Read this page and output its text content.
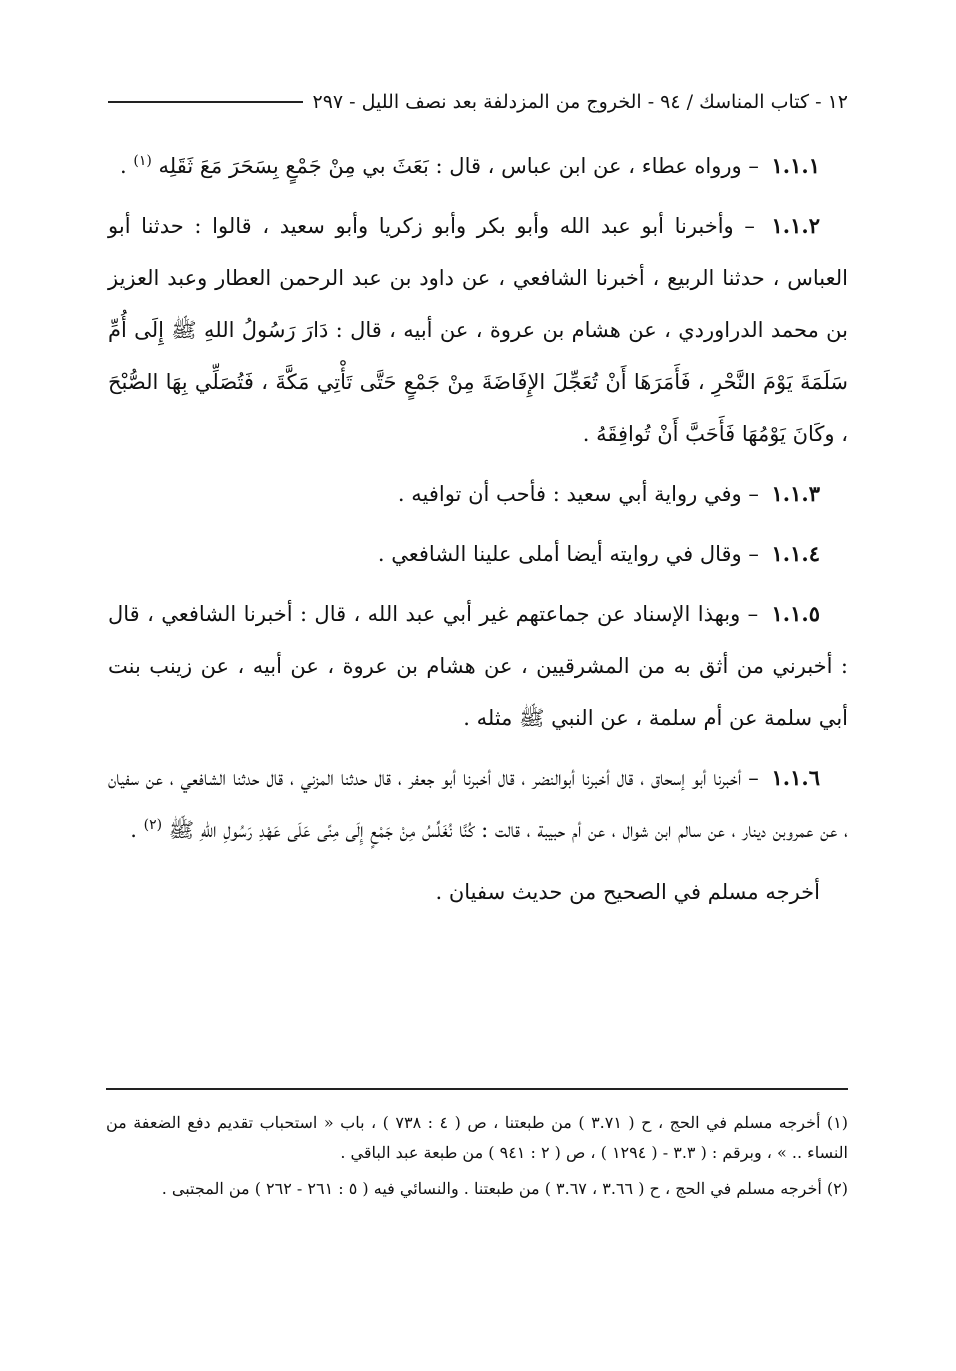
١٢ - كتاب المناسك / ٩٤ - الخروج من المزدلفة بعد نصف الليل - ٢٩٧

١.١.١ – ورواه عطاء ، عن ابن عباس ، قال : بَعَثَ بي مِنْ جَمْعٍ بِسَحَرَ مَعَ ثَقَلِه $^{(١)}$ .

١.١.٢ – وأخبرنا أبو عبد الله وأبو بكر وأبو زكريا وأبو سعيد ، قالوا : حدثنا أبو العباس ، حدثنا الربيع ، أخبرنا الشافعي ، عن داود بن عبد الرحمن العطار وعبد العزيز بن محمد الدراوردي ، عن هشام بن عروة ، عن أبيه ، قال : دَارَ رَسُولُ اللهِ ﷺ إِلَى أُمِّ سَلَمَةَ يَوْمَ النَّحْرِ ، فَأَمَرَهَا أَنْ تُعَجِّلَ الإِفَاضَةَ مِنْ جَمْعٍ حَتَّى تَأْتِي مَكَّةَ ، فَتُصَلِّي بِهَا الصُّبْحَ ، وكَانَ يَوْمُهَا فَأَحَبَّ أَنْ تُوافِقَهُ .

١.١.٣ – وفي رواية أبي سعيد : فأحب أن توافيه .

١.١.٤ – وقال في روايته أيضا أملى علينا الشافعي .

١.١.٥ – وبهذا الإسناد عن جماعتهم غير أبي عبد الله ، قال : أخبرنا الشافعي ، قال : أخبرني من أثق به من المشرقيين ، عن هشام بن عروة ، عن أبيه ، عن زينب بنت أبي سلمة عن أم سلمة ، عن النبي ﷺ مثله .

١.١.٦ – أخبرنا أبو إسحاق ، قال أخبرنا أبوالنضر ، قال أخبرنا أبو جعفر ، قال حدثنا المزني ، قال حدثنا الشافعي ، عن سفيان ، عن عمروبن دينار ، عن سالم ابن شوال ، عن أم حبيبة ، قالت : كُنَّا نُغَلِّسُ مِنْ جَمْعٍ إِلَى مِنًى عَلَى عَهْدِ رَسُولِ اللهِ ﷺ $^{(٢)}$ .

أخرجه مسلم في الصحيح من حديث سفيان .

(١) أخرجه مسلم في الحج ، ح ( ٣.٧١ ) من طبعتنا ، ص ( ٤ : ٧٣٨ ) ، باب « استحباب تقديم دفع الضعفة من النساء .. » ، وبرقم : ( ٣.٣ - ( ١٢٩٤ ) ، ص ( ٢ : ٩٤١ ) من طبعة عبد الباقي .

(٢) أخرجه مسلم في الحج ، ح ( ٣.٦٦ ، ٣.٦٧ ) من طبعتنا . والنسائي فيه ( ٥ : ٢٦١ - ٢٦٢ ) من المجتبى .
